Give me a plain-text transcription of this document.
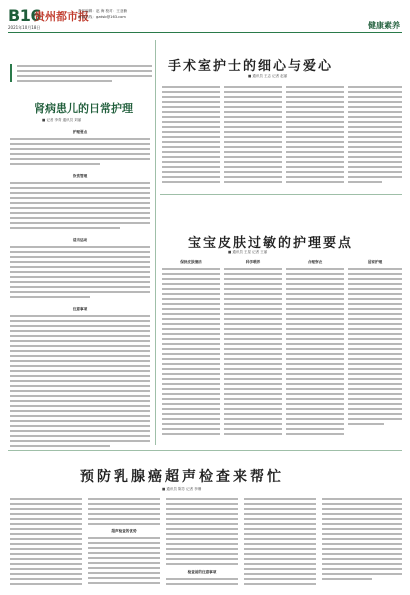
B16
贵州都市报
责任编辑：赵 海 校对：王亚楠
新闻热线：gzdsb@163.com
2021年10月18日	健康素养
手术室护士的细心与爱心
■ 通讯员 王志 记者 赵丽
肾病患儿的日常护理
■ 记者 李青 通讯员 刘丽
护理要点
饮食管理
适当运动
注意事项
宝宝皮肤过敏的护理要点
■ 通讯员 王星 记者 王丽
保持皮肤清洁	科学喂养	合理穿衣	居家护理
预防乳腺癌超声检查来帮忙
■ 通讯员 陈芳 记者 李珊
超声检查的优势
检查前的注意事项
